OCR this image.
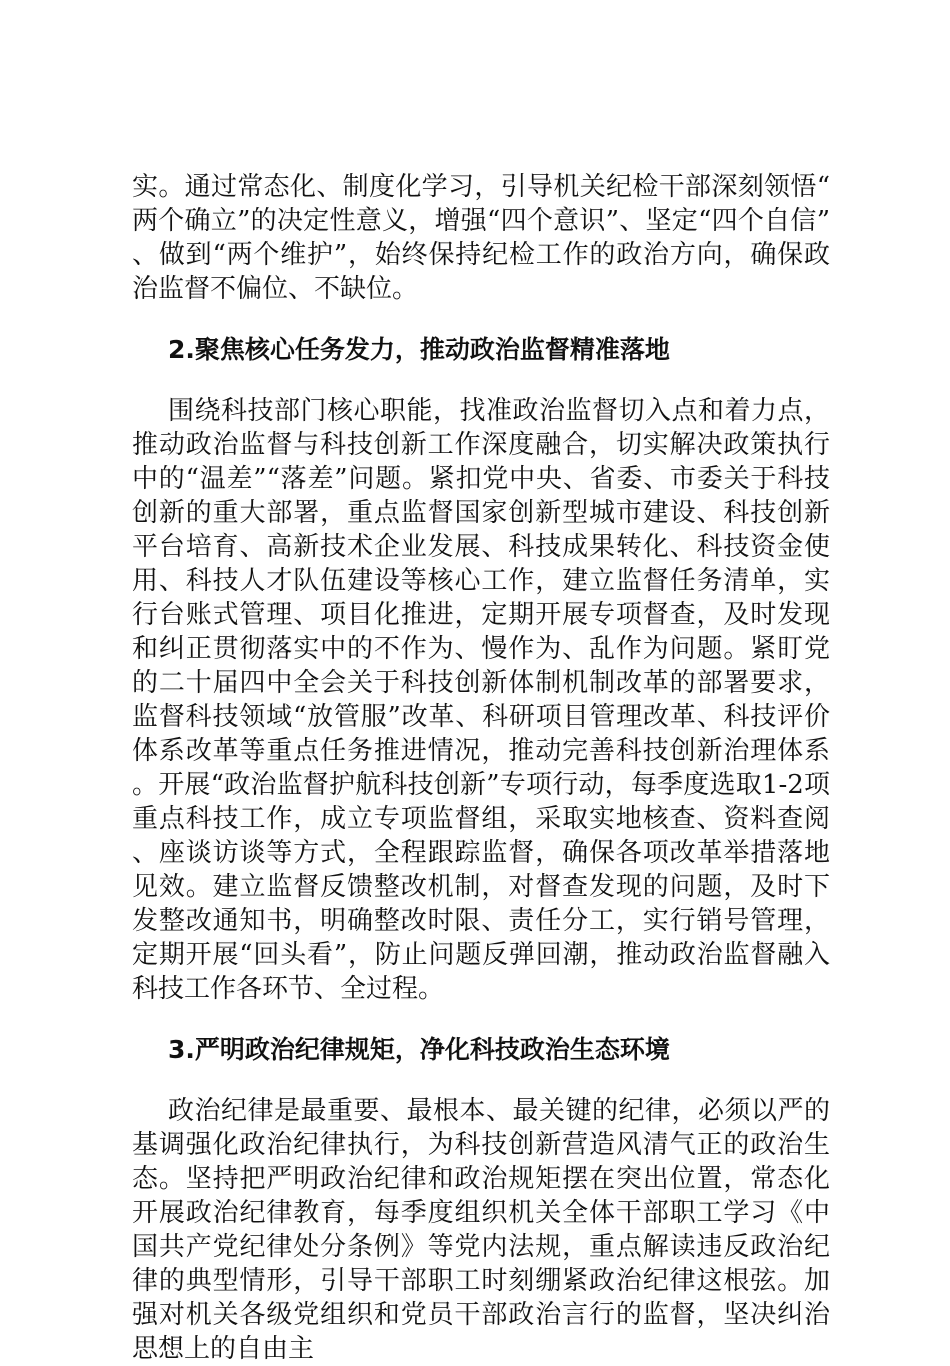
实。通过常态化、制度化学习，引导机关纪检干部深刻领悟“两个确立”的决定性意义，增强“四个意识”、坚定“四个自信”、做到“两个维护”，始终保持纪检工作的政治方向，确保政治监督不偏位、不缺位。

2.聚焦核心任务发力，推动政治监督精准落地

围绕科技部门核心职能，找准政治监督切入点和着力点，推动政治监督与科技创新工作深度融合，切实解决政策执行中的“温差”“落差”问题。紧扣党中央、省委、市委关于科技创新的重大部署，重点监督国家创新型城市建设、科技创新平台培育、高新技术企业发展、科技成果转化、科技资金使用、科技人才队伍建设等核心工作，建立监督任务清单，实行台账式管理、项目化推进，定期开展专项督查，及时发现和纠正贯彻落实中的不作为、慢作为、乱作为问题。紧盯党的二十届四中全会关于科技创新体制机制改革的部署要求，监督科技领域“放管服”改革、科研项目管理改革、科技评价体系改革等重点任务推进情况，推动完善科技创新治理体系。开展“政治监督护航科技创新”专项行动，每季度选取1-2项重点科技工作，成立专项监督组，采取实地核查、资料查阅、座谈访谈等方式，全程跟踪监督，确保各项改革举措落地见效。建立监督反馈整改机制，对督查发现的问题，及时下发整改通知书，明确整改时限、责任分工，实行销号管理，定期开展“回头看”，防止问题反弹回潮，推动政治监督融入科技工作各环节、全过程。

3.严明政治纪律规矩，净化科技政治生态环境

政治纪律是最重要、最根本、最关键的纪律，必须以严的基调强化政治纪律执行，为科技创新营造风清气正的政治生态。坚持把严明政治纪律和政治规矩摆在突出位置，常态化开展政治纪律教育，每季度组织机关全体干部职工学习《中国共产党纪律处分条例》等党内法规，重点解读违反政治纪律的典型情形，引导干部职工时刻绷紧政治纪律这根弦。加强对机关各级党组织和党员干部政治言行的监督，坚决纠治思想上的自由主
